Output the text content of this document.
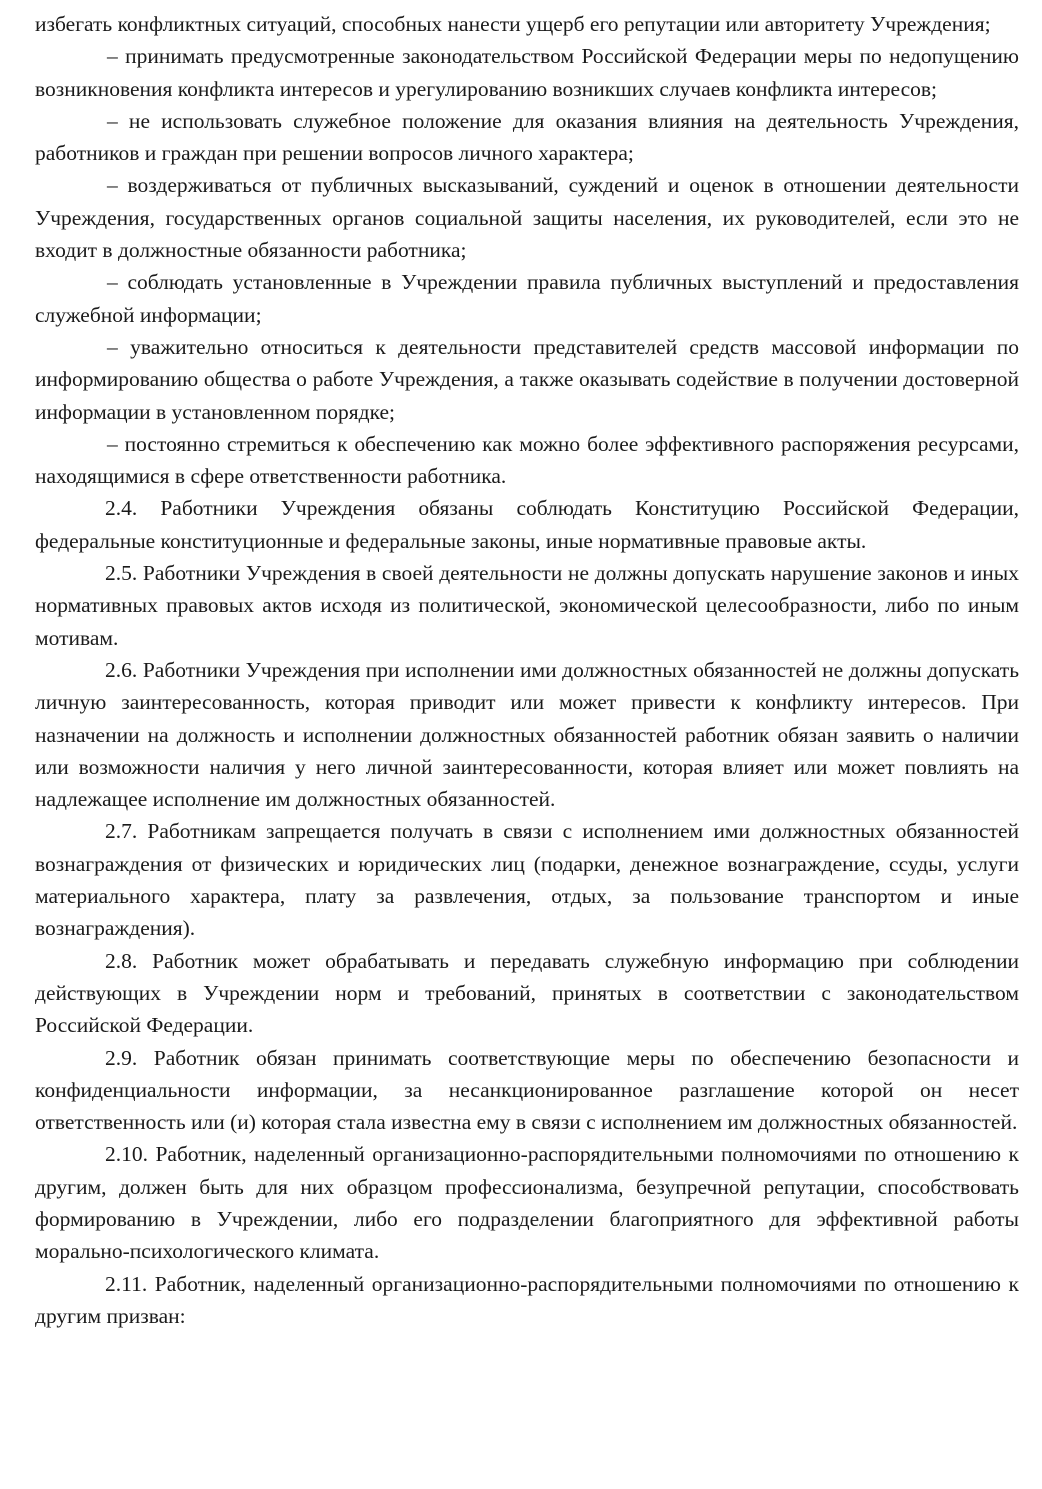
избегать конфликтных ситуаций, способных нанести ущерб его репутации или авторитету Учреждения;

– принимать предусмотренные законодательством Российской Федерации меры по недопущению возникновения конфликта интересов и урегулированию возникших случаев конфликта интересов;

– не использовать служебное положение для оказания влияния на деятельность Учреждения, работников и граждан при решении вопросов личного характера;

– воздерживаться от публичных высказываний, суждений и оценок в отношении деятельности Учреждения, государственных органов социальной защиты населения, их руководителей, если это не входит в должностные обязанности работника;

– соблюдать установленные в Учреждении правила публичных выступлений и предоставления служебной информации;

– уважительно относиться к деятельности представителей средств массовой информации по информированию общества о работе Учреждения, а также оказывать содействие в получении достоверной информации в установленном порядке;

– постоянно стремиться к обеспечению как можно более эффективного распоряжения ресурсами, находящимися в сфере ответственности работника.

2.4. Работники Учреждения обязаны соблюдать Конституцию Российской Федерации, федеральные конституционные и федеральные законы, иные нормативные правовые акты.

2.5. Работники Учреждения в своей деятельности не должны допускать нарушение законов и иных нормативных правовых актов исходя из политической, экономической целесообразности, либо по иным мотивам.

2.6. Работники Учреждения при исполнении ими должностных обязанностей не должны допускать личную заинтересованность, которая приводит или может привести к конфликту интересов. При назначении на должность и исполнении должностных обязанностей работник обязан заявить о наличии или возможности наличия у него личной заинтересованности, которая влияет или может повлиять на надлежащее исполнение им должностных обязанностей.

2.7. Работникам запрещается получать в связи с исполнением ими должностных обязанностей вознаграждения от физических и юридических лиц (подарки, денежное вознаграждение, ссуды, услуги материального характера, плату за развлечения, отдых, за пользование транспортом и иные вознаграждения).

2.8. Работник может обрабатывать и передавать служебную информацию при соблюдении действующих в Учреждении норм и требований, принятых в соответствии с законодательством Российской Федерации.

2.9. Работник обязан принимать соответствующие меры по обеспечению безопасности и конфиденциальности информации, за несанкционированное разглашение которой он несет ответственность или (и) которая стала известна ему в связи с исполнением им должностных обязанностей.

2.10. Работник, наделенный организационно-распорядительными полномочиями по отношению к другим, должен быть для них образцом профессионализма, безупречной репутации, способствовать формированию в Учреждении, либо его подразделении благоприятного для эффективной работы морально-психологического климата.

2.11. Работник, наделенный организационно-распорядительными полномочиями по отношению к другим призван:
